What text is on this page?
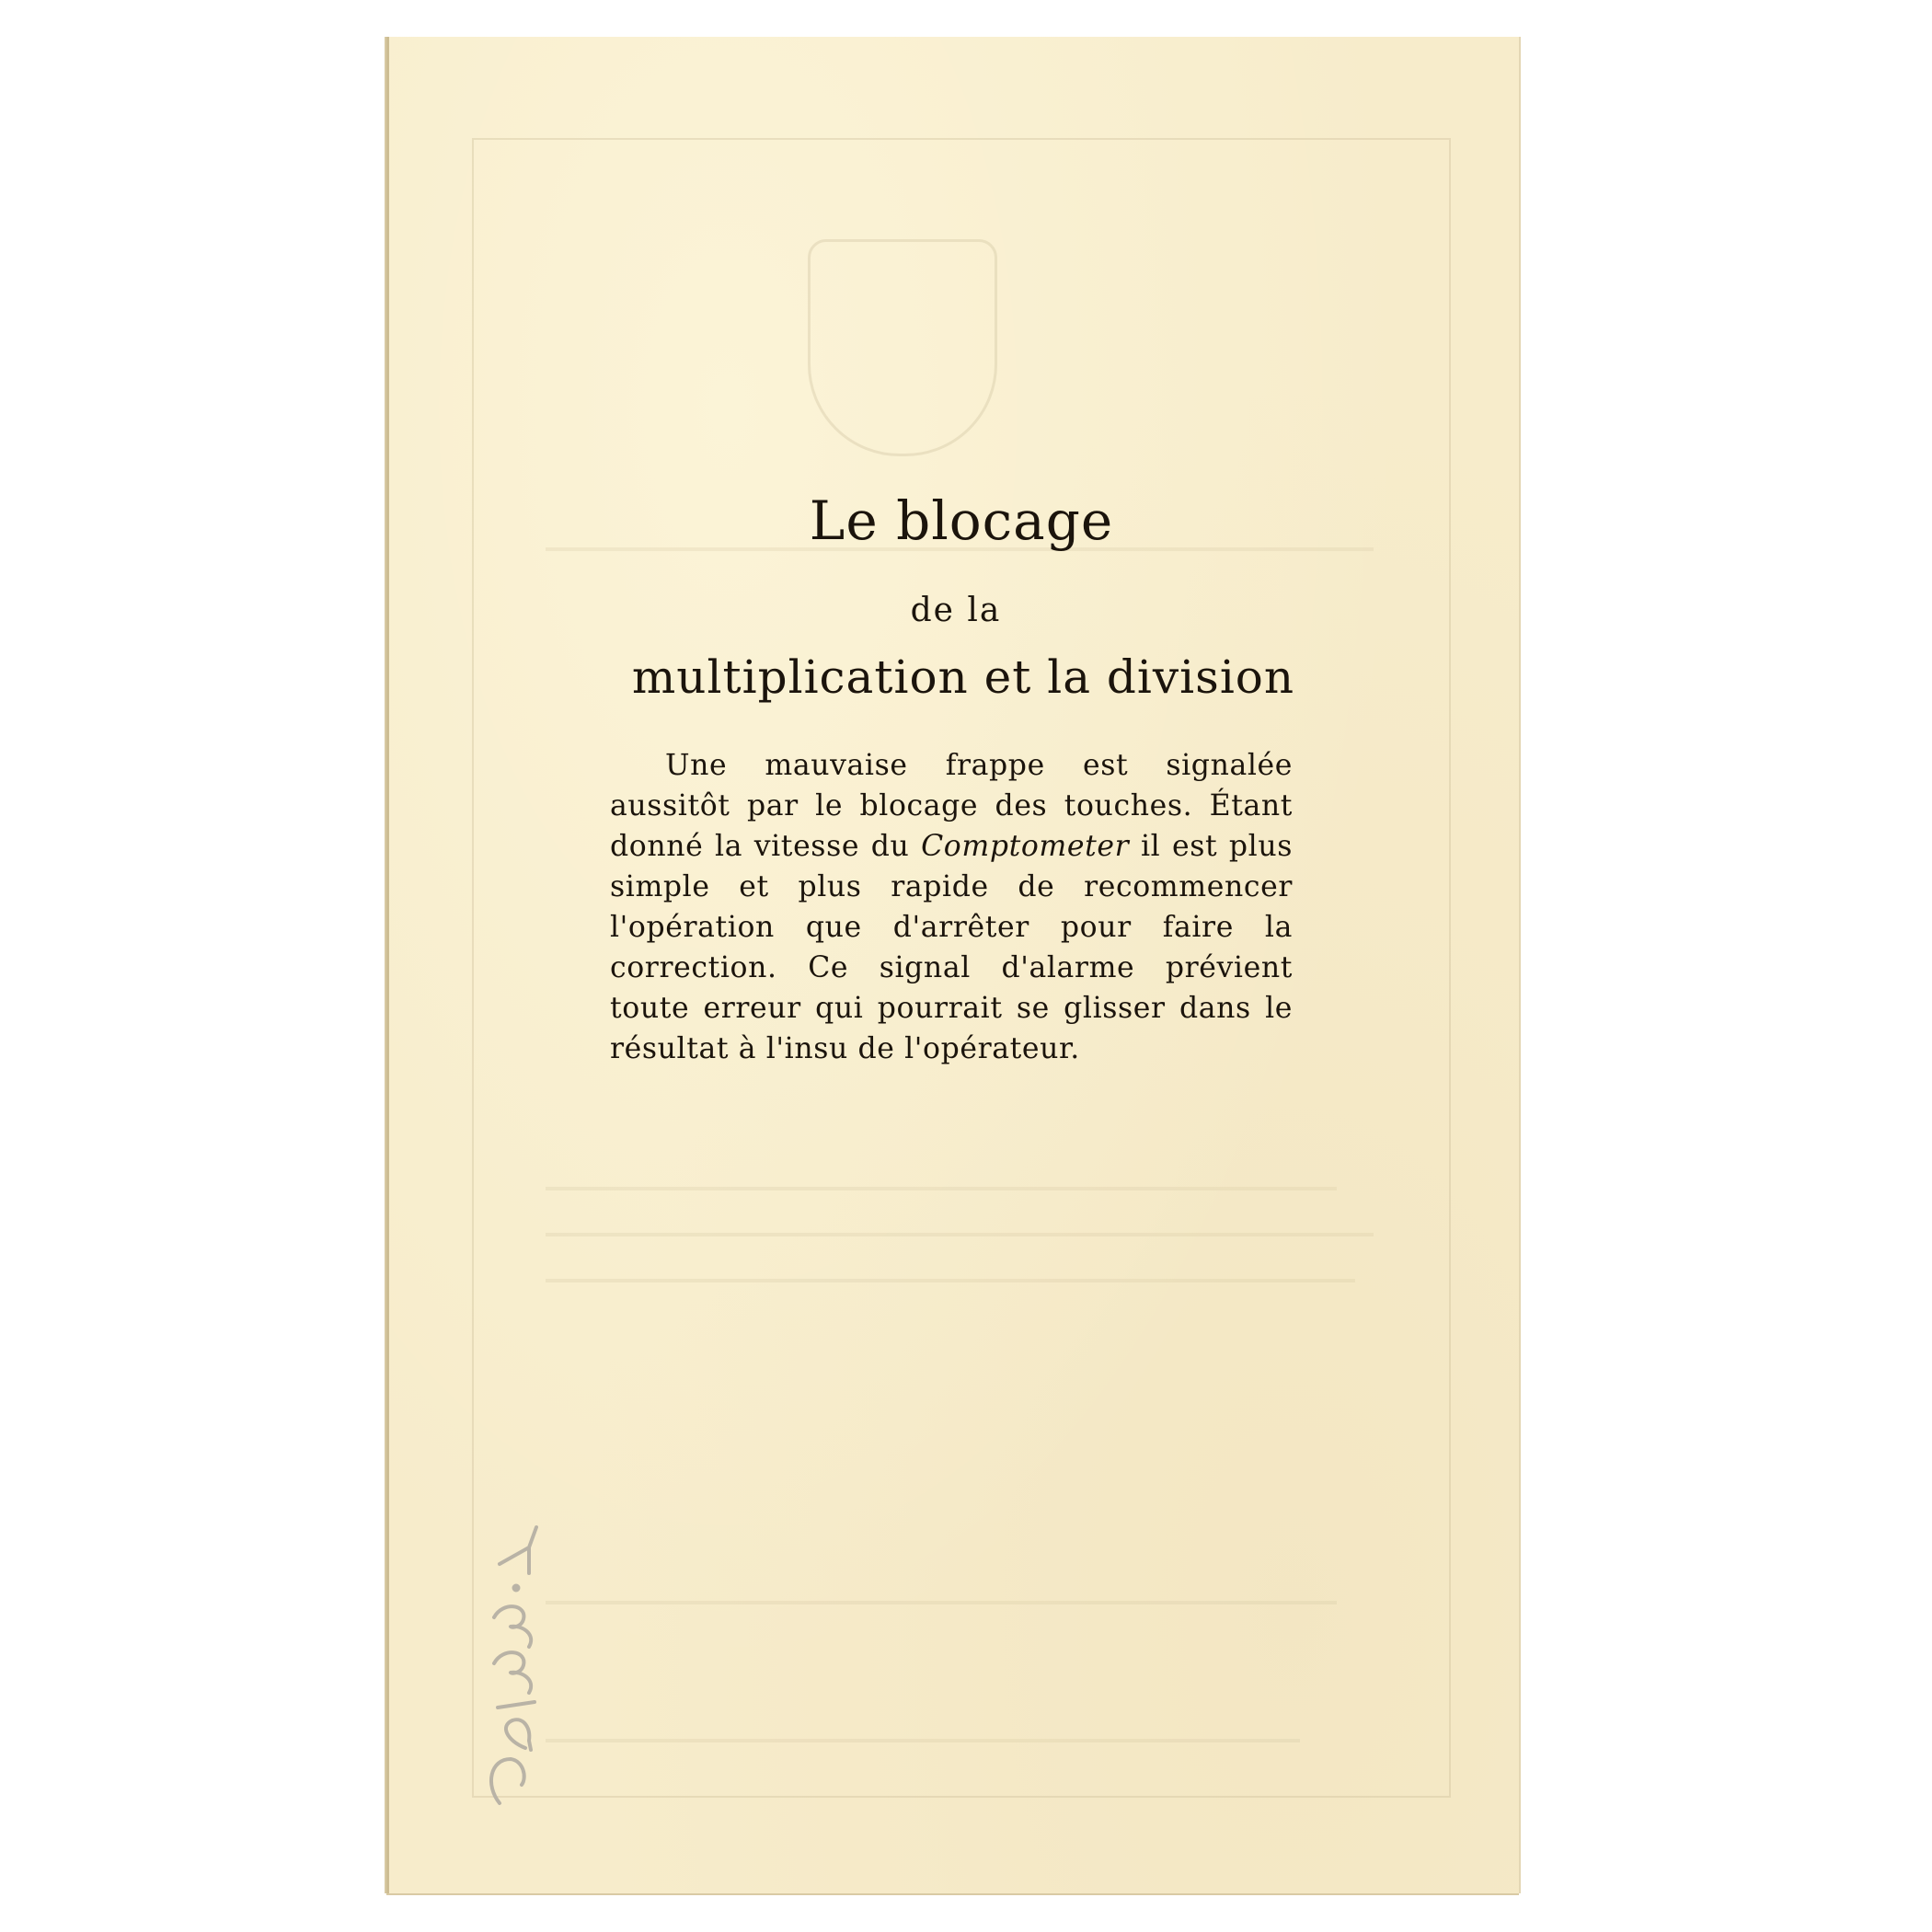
Le blocage
de la
multiplication et la division

Une mauvaise frappe est signalée aussitôt par le blocage des touches. Étant donné la vitesse du Comptometer il est plus simple et plus rapide de recommencer l'opération que d'arrêter pour faire la correction. Ce signal d'alarme prévient toute erreur qui pourrait se glisser dans le résultat à l'insu de l'opérateur.
